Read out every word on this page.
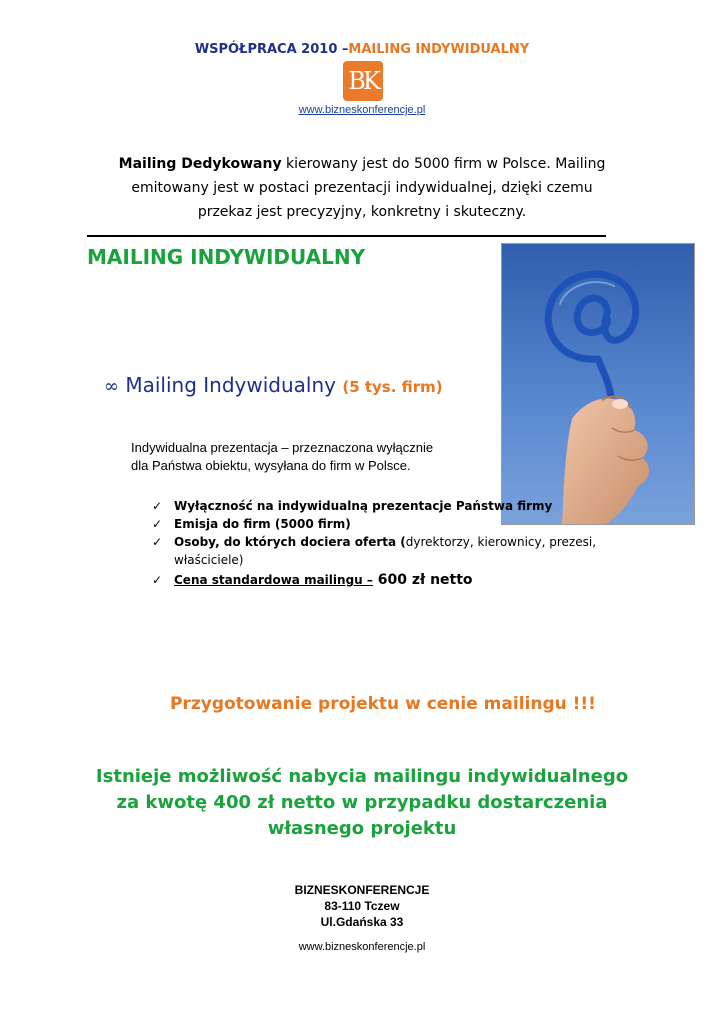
WSPÓŁPRACA 2010 –MAILING INDYWIDUALNY
BK
www.bizneskonferencje.pl
Mailing Dedykowany kierowany jest do 5000 firm w Polsce. Mailing
emitowany jest w postaci prezentacji indywidualnej, dzięki czemu
przekaz jest precyzyjny, konkretny i skuteczny.
MAILING INDYWIDUALNY
∞ Mailing Indywidualny (5 tys. firm)
Indywidualna prezentacja – przeznaczona wyłącznie
dla Państwa obiektu, wysyłana do firm w Polsce.
✓ Wyłączność na indywidualną prezentacje Państwa firmy
✓ Emisja do firm (5000 firm)
✓ Osoby, do których dociera oferta (dyrektorzy, kierownicy, prezesi,
właściciele)
✓ Cena standardowa mailingu – 600 zł netto
Przygotowanie projektu w cenie mailingu !!!
Istnieje możliwość nabycia mailingu indywidualnego
za kwotę 400 zł netto w przypadku dostarczenia
własnego projektu
BIZNESKONFERENCJE
83-110 Tczew
Ul.Gdańska 33
www.bizneskonferencje.pl
